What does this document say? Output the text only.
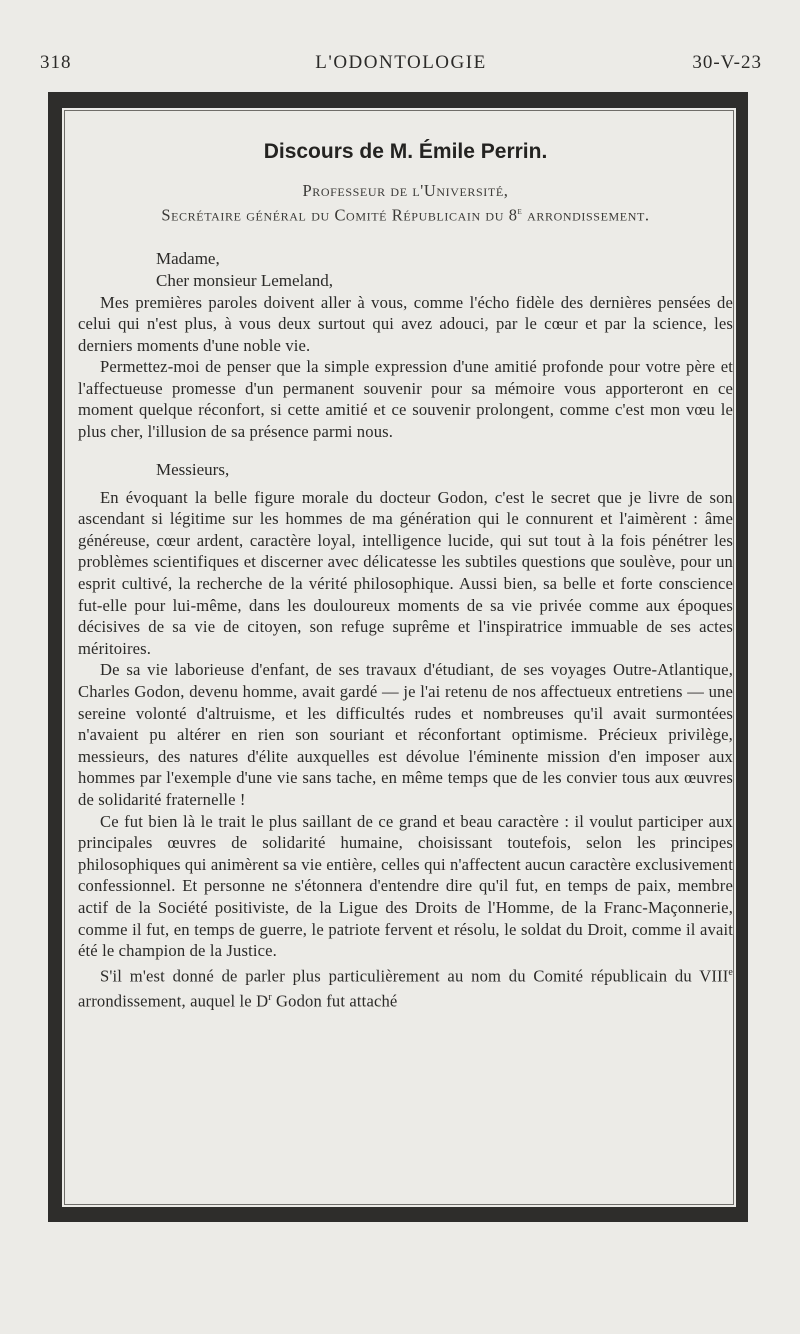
318	L'ODONTOLOGIE	30-V-23
Discours de M. Émile Perrin.
Professeur de l'Université,
Secrétaire général du Comité Républicain du 8e arrondissement.
Madame,
Cher monsieur Lemeland,

Mes premières paroles doivent aller à vous, comme l'écho fidèle des dernières pensées de celui qui n'est plus, à vous deux surtout qui avez adouci, par le cœur et par la science, les derniers moments d'une noble vie.

Permettez-moi de penser que la simple expression d'une amitié profonde pour votre père et l'affectueuse promesse d'un permanent souvenir pour sa mémoire vous apporteront en ce moment quelque réconfort, si cette amitié et ce souvenir prolongent, comme c'est mon vœu le plus cher, l'illusion de sa présence parmi nous.

Messieurs,

En évoquant la belle figure morale du docteur Godon, c'est le secret que je livre de son ascendant si légitime sur les hommes de ma génération qui le connurent et l'aimèrent : âme généreuse, cœur ardent, caractère loyal, intelligence lucide, qui sut tout à la fois pénétrer les problèmes scientifiques et discerner avec délicatesse les subtiles questions que soulève, pour un esprit cultivé, la recherche de la vérité philosophique. Aussi bien, sa belle et forte conscience fut-elle pour lui-même, dans les douloureux moments de sa vie privée comme aux époques décisives de sa vie de citoyen, son refuge suprême et l'inspiratrice immuable de ses actes méritoires.

De sa vie laborieuse d'enfant, de ses travaux d'étudiant, de ses voyages Outre-Atlantique, Charles Godon, devenu homme, avait gardé — je l'ai retenu de nos affectueux entretiens — une sereine volonté d'altruisme, et les difficultés rudes et nombreuses qu'il avait surmontées n'avaient pu altérer en rien son souriant et réconfortant optimisme. Précieux privilège, messieurs, des natures d'élite auxquelles est dévolue l'éminente mission d'en imposer aux hommes par l'exemple d'une vie sans tache, en même temps que de les convier tous aux œuvres de solidarité fraternelle !

Ce fut bien là le trait le plus saillant de ce grand et beau caractère : il voulut participer aux principales œuvres de solidarité humaine, choisissant toutefois, selon les principes philosophiques qui animèrent sa vie entière, celles qui n'affectent aucun caractère exclusivement confessionnel. Et personne ne s'étonnera d'entendre dire qu'il fut, en temps de paix, membre actif de la Société positiviste, de la Ligue des Droits de l'Homme, de la Franc-Maçonnerie, comme il fut, en temps de guerre, le patriote fervent et résolu, le soldat du Droit, comme il avait été le champion de la Justice.

S'il m'est donné de parler plus particulièrement au nom du Comité républicain du VIIIe arrondissement, auquel le $D^r$ Godon fut attaché
